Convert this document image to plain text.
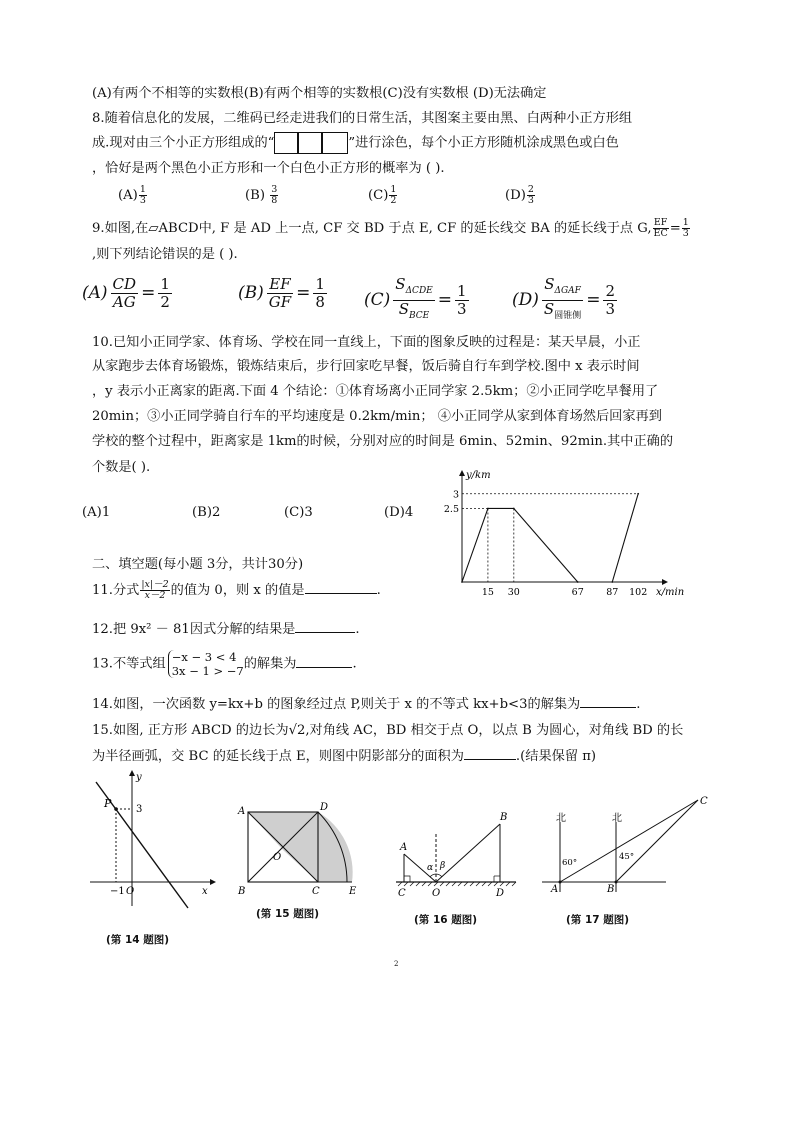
(A)有两个不相等的实数根(B)有两个相等的实数根(C)没有实数根 (D)无法确定
8.随着信息化的发展，二维码已经走进我们的日常生活，其图案主要由黑、白两种小正方形组
成.现对由三个小正方形组成的“	”进行涂色，每个小正方形随机涂成黑色或白色
，恰好是两个黑色小正方形和一个白色小正方形的概率为 ( ).
$(A) \frac{1}{3}$	$(B) \frac{3}{8}$	$(C) \frac{1}{2}$	$(D) \frac{2}{3}$
9.如图,在▱ABCD中, F 是 AD 上一点, CF 交 BD 于点 E, CF 的延长线交 BA 的延长线于点 G, $\frac{EF}{EC} = \frac{1}{3}$
,则下列结论错误的是 ( ).
$(A) \frac{CD}{AG} = \frac{1}{2}$	$(B) \frac{EF}{GF} = \frac{1}{8} (C)$
$S_{\Delta CDE}$
$S_{BCE}$
= $\frac{1}{3}$	(D)
$S_{\Delta GAF}$
$S_{圆锥侧}$
= $\frac{2}{3}$
10.已知小正同学家、体育场、学校在同一直线上，下面的图象反映的过程是：某天早晨，小正
从家跑步去体育场锻炼，锻炼结束后，步行回家吃早餐，饭后骑自行车到学校.图中 x 表示时间
，y 表示小正离家的距离.下面 4 个结论：①体育场离小正同学家 2.5km；②小正同学吃早餐用了
20min；③小正同学骑自行车的平均速度是 0.2km/min； ④小正同学从家到体育场然后回家再到
学校的整个过程中，距离家是 1km的时候，分别对应的时间是 6min、52min、92min.其中正确的
个数是( ).
(A)1	(B)2	(C)3	(D)4
y/km
x/min
2.5
3
15 30	67 87 102
二、填空题(每小题 3分，共计30分)
11.分式 $\frac{|x|-2}{x-2}$ 的值为 0，则 x 的值是	.
12.把 9x² － 81因式分解的结果是	.
13.不等式组 −x − 3 < 4
3x − 1 > −7 的解集为	.
14.如图，一次函数 y=kx+b 的图象经过点 P,则关于 x 的不等式 kx+b<3的解集为	.
15.如图, 正方形 ABCD 的边长为√2,对角线 AC，BD 相交于点 O，以点 B 为圆心，对角线 BD 的长
为半径画弧，交 BC 的延长线于点 E，则图中阴影部分的面积为	.(结果保留 π)
P 3
−1 O	x
y
(第 14 题图)
A	D
B	C	E
O
(第 15 题图)
A
B
C	D
O
α β
(第 16 题图)
北	北
60°
45°
A	B
C
(第 17 题图)
2
